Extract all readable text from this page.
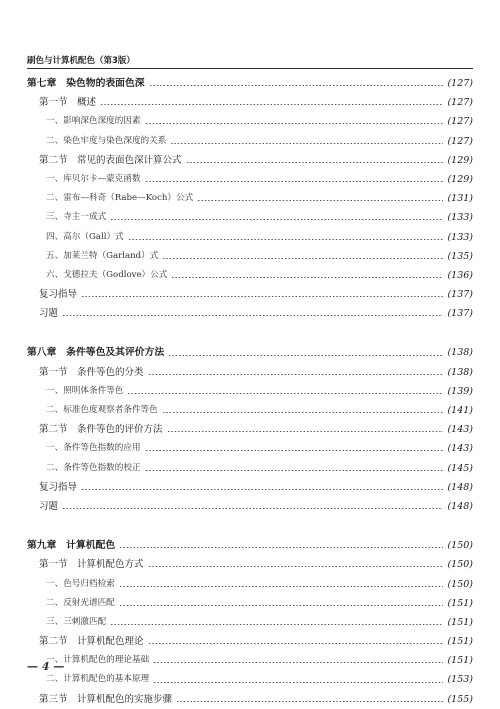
刷色与计算机配色（第3版）
第七章　染色物的表面色深	(127)
第一节　概述	(127)
一、影响深色深度的因素	(127)
二、染色牢度与染色深度的关系	(127)
第二节　常见的表面色深计算公式	(129)
一、库贝尔卡—蒙克函数	(129)
二、雷布—科奇（Rabe—Koch）公式	(131)
三、寺主一成式	(133)
四、高尔（Gall）式	(133)
五、加莱兰特（Garland）式	(135)
六、戈德拉夫（Godlove）公式	(136)
复习指导	(137)
习题	(137)
第八章　条件等色及其评价方法	(138)
第一节　条件等色的分类	(138)
一、照明体条件等色	(139)
二、标准色度观察者条件等色	(141)
第二节　条件等色的评价方法	(143)
一、条件等色指数的应用	(143)
二、条件等色指数的校正	(145)
复习指导	(148)
习题	(148)
第九章　计算机配色	(150)
第一节　计算机配色方式	(150)
一、色号归档检索	(150)
二、反射光谱匹配	(151)
三、三刺激匹配	(151)
第二节　计算机配色理论	(151)
一、计算机配色的理论基础	(151)
二、计算机配色的基本原理	(153)
第三节　计算机配色的实施步骤	(155)
— 4 —
